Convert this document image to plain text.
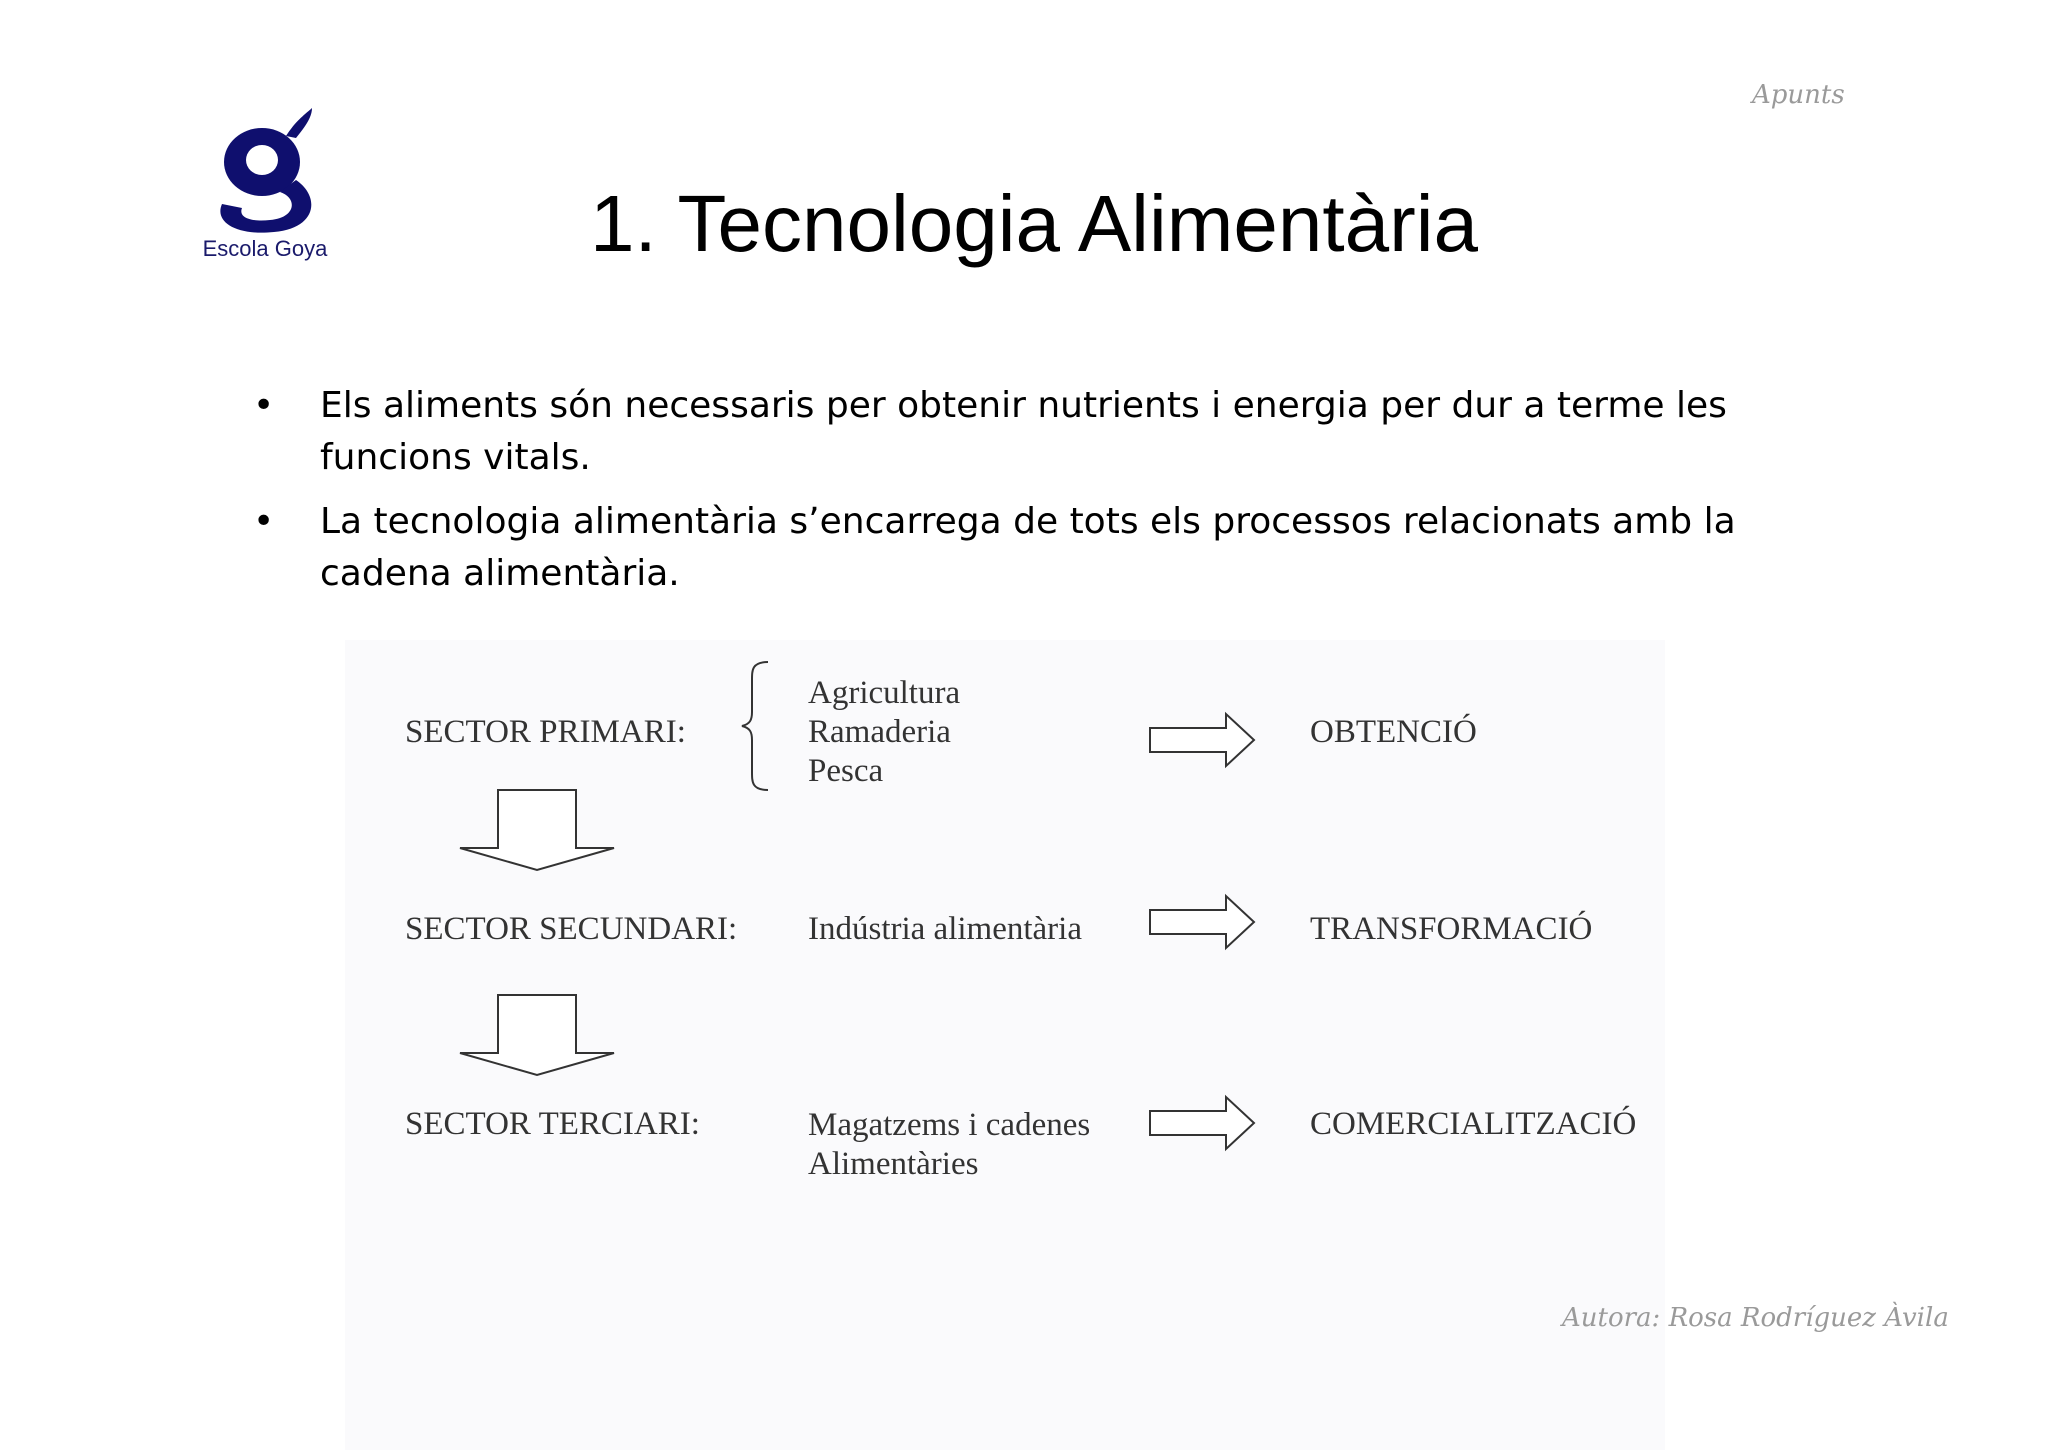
Escola Goya
Apunts
1. Tecnologia Alimentària
• Els aliments són necessaris per obtenir nutrients i energia per dur a terme les funcions vitals.
• La tecnologia alimentària s’encarrega de tots els processos relacionats amb la cadena alimentària.
SECTOR PRIMARI:
Agricultura
Ramaderia
Pesca
OBTENCIÓ
SECTOR SECUNDARI: Indústria alimentària	TRANSFORMACIÓ
SECTOR TERCIARI:	Magatzems i cadenes
Alimentàries
COMERCIALITZACIÓ
Autora: Rosa Rodríguez Àvila
